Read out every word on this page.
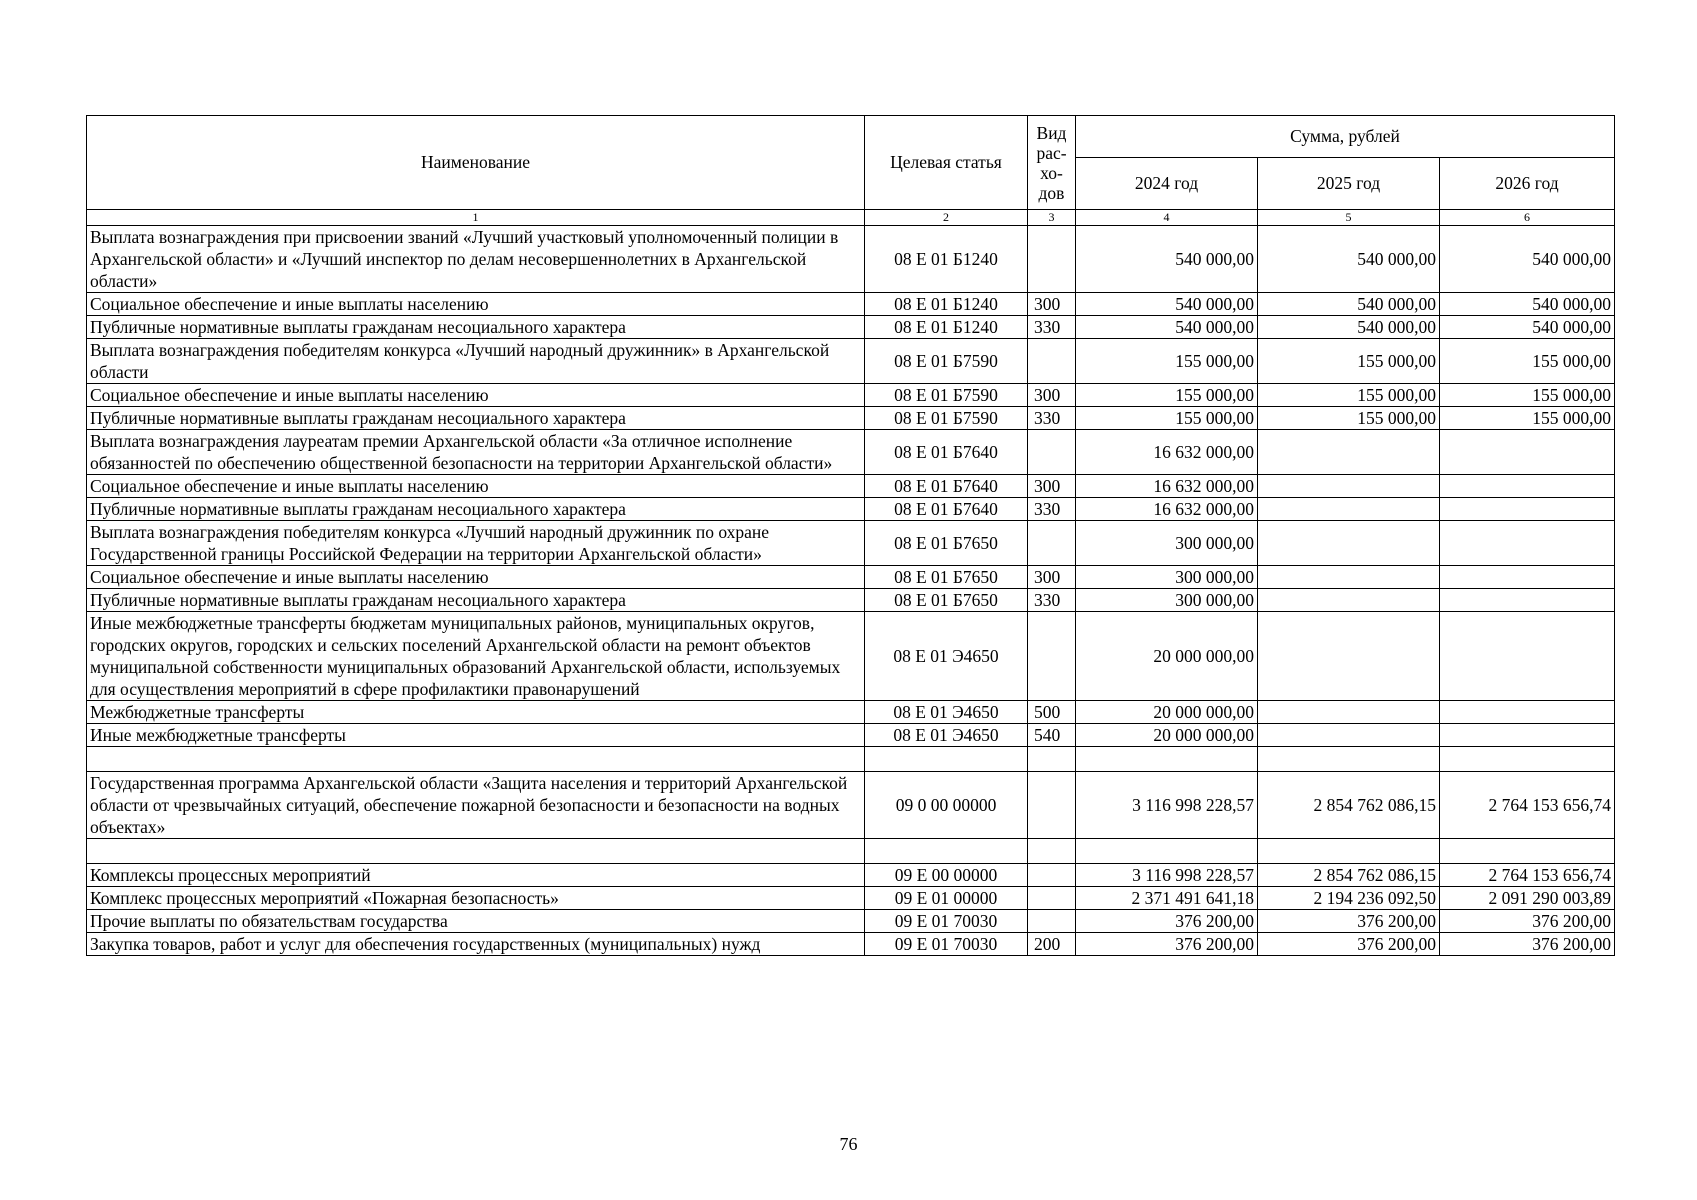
Наименование	Целевая статья	Вид рас-хо-дов	Сумма, рублей		
			2024 год	2025 год	2026 год
1	2	3	4	5	6
Выплата вознаграждения при присвоении званий «Лучший участковый уполномоченный полиции в Архангельской области» и «Лучший инспектор по делам несовершеннолетних в Архангельской области»	08 Е 01 Б1240		540 000,00	540 000,00	540 000,00
Социальное обеспечение и иные выплаты населению	08 Е 01 Б1240	300	540 000,00	540 000,00	540 000,00
Публичные нормативные выплаты гражданам несоциального характера	08 Е 01 Б1240	330	540 000,00	540 000,00	540 000,00
Выплата вознаграждения победителям конкурса «Лучший народный дружинник» в Архангельской области	08 Е 01 Б7590		155 000,00	155 000,00	155 000,00
Социальное обеспечение и иные выплаты населению	08 Е 01 Б7590	300	155 000,00	155 000,00	155 000,00
Публичные нормативные выплаты гражданам несоциального характера	08 Е 01 Б7590	330	155 000,00	155 000,00	155 000,00
Выплата вознаграждения лауреатам премии Архангельской области «За отличное исполнение обязанностей по обеспечению общественной безопасности на территории Архангельской области»	08 Е 01 Б7640		16 632 000,00		
Социальное обеспечение и иные выплаты населению	08 Е 01 Б7640	300	16 632 000,00		
Публичные нормативные выплаты гражданам несоциального характера	08 Е 01 Б7640	330	16 632 000,00		
Выплата вознаграждения победителям конкурса «Лучший народный дружинник по охране Государственной границы Российской Федерации на территории Архангельской области»	08 Е 01 Б7650		300 000,00		
Социальное обеспечение и иные выплаты населению	08 Е 01 Б7650	300	300 000,00		
Публичные нормативные выплаты гражданам несоциального характера	08 Е 01 Б7650	330	300 000,00		
Иные межбюджетные трансферты бюджетам муниципальных районов, муниципальных округов, городских округов, городских и сельских поселений Архангельской области на ремонт объектов муниципальной собственности муниципальных образований Архангельской области, используемых для осуществления мероприятий в сфере профилактики правонарушений	08 Е 01 Э4650		20 000 000,00		
Межбюджетные трансферты	08 Е 01 Э4650	500	20 000 000,00		
Иные межбюджетные трансферты	08 Е 01 Э4650	540	20 000 000,00		

Государственная программа Архангельской области «Защита населения и территорий Архангельской области от чрезвычайных ситуаций, обеспечение пожарной безопасности и безопасности на водных объектах»	09 0 00 00000		3 116 998 228,57	2 854 762 086,15	2 764 153 656,74

Комплексы процессных мероприятий	09 Е 00 00000		3 116 998 228,57	2 854 762 086,15	2 764 153 656,74
Комплекс процессных мероприятий «Пожарная безопасность»	09 Е 01 00000		2 371 491 641,18	2 194 236 092,50	2 091 290 003,89
Прочие выплаты по обязательствам государства	09 Е 01 70030		376 200,00	376 200,00	376 200,00
Закупка товаров, работ и услуг для обеспечения государственных (муниципальных) нужд	09 Е 01 70030	200	376 200,00	376 200,00	376 200,00
76
